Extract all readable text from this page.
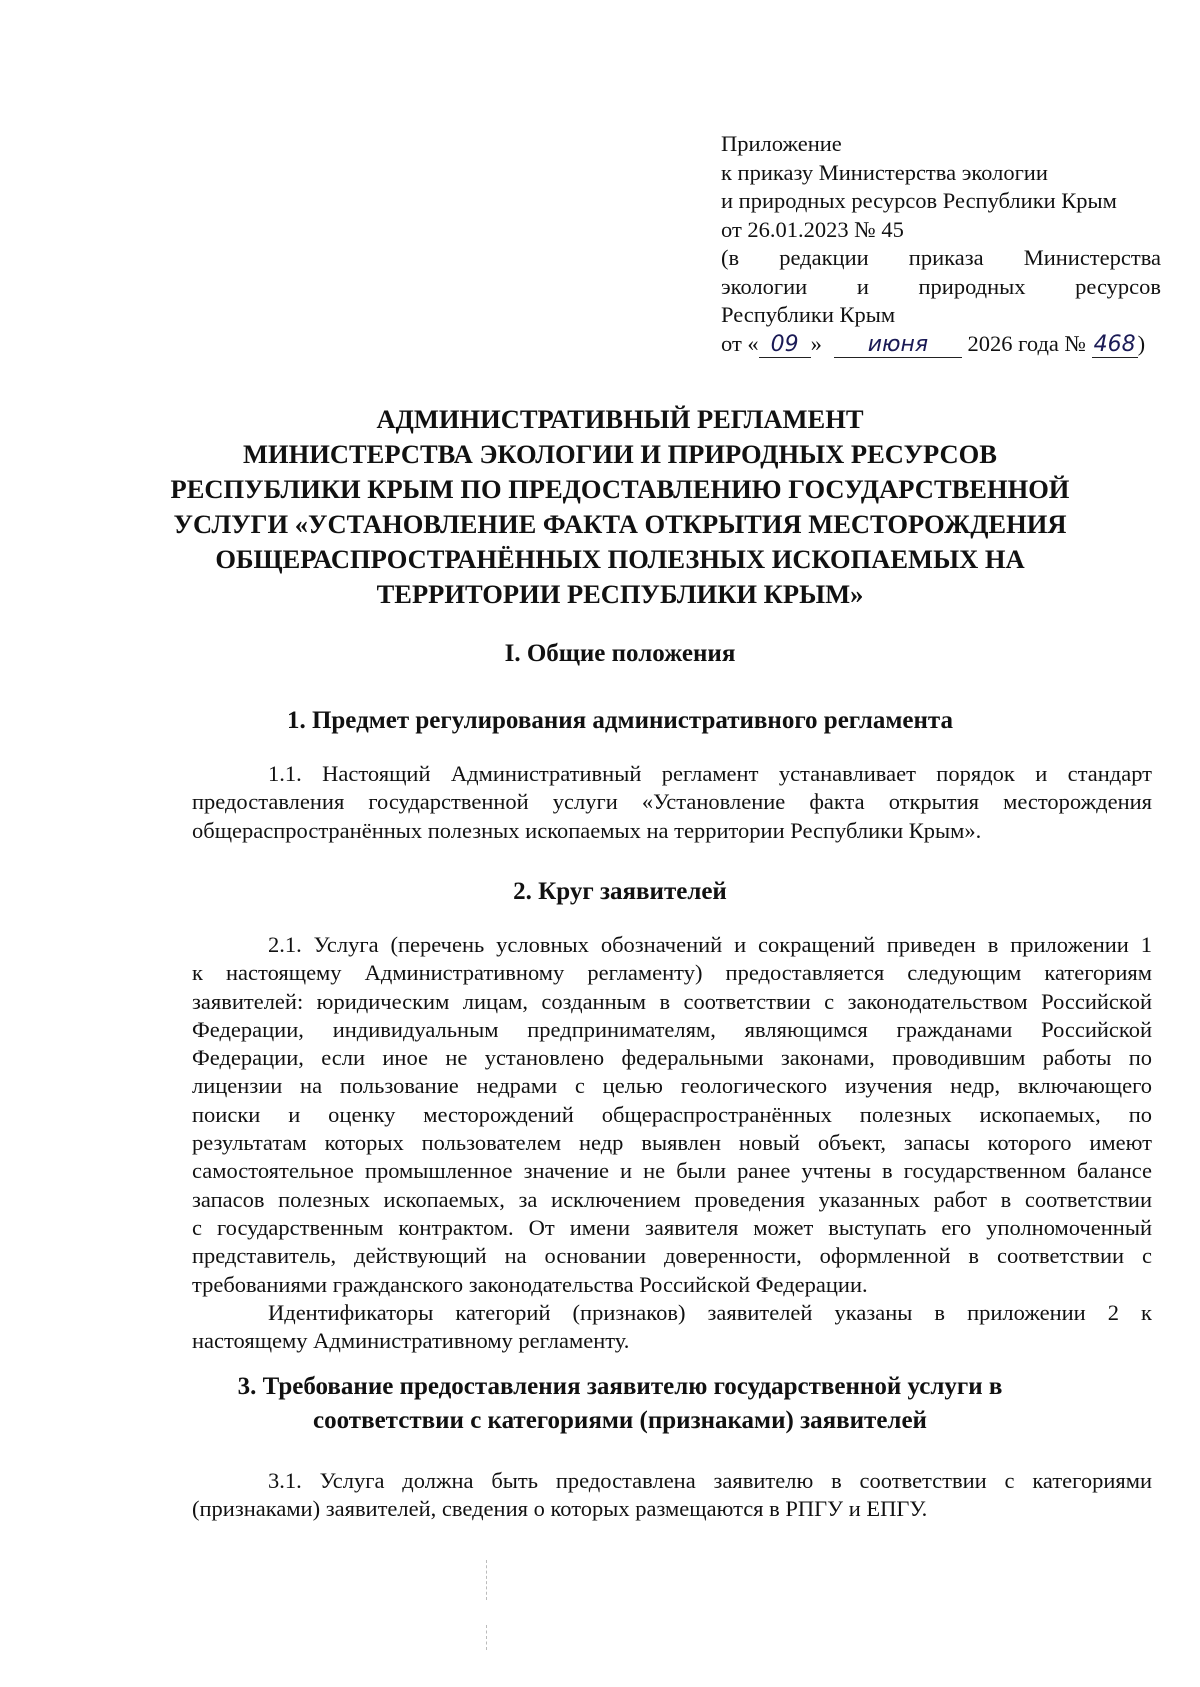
Приложение
к приказу Министерства экологии
и природных ресурсов Республики Крым
от 26.01.2023 № 45
(в редакции приказа Министерства
экологии и природных ресурсов
Республики Крым
от « 09 » июня 2026 года № 468)
АДМИНИСТРАТИВНЫЙ РЕГЛАМЕНТ
МИНИСТЕРСТВА ЭКОЛОГИИ И ПРИРОДНЫХ РЕСУРСОВ
РЕСПУБЛИКИ КРЫМ ПО ПРЕДОСТАВЛЕНИЮ ГОСУДАРСТВЕННОЙ
УСЛУГИ «УСТАНОВЛЕНИЕ ФАКТА ОТКРЫТИЯ МЕСТОРОЖДЕНИЯ
ОБЩЕРАСПРОСТРАНЁННЫХ ПОЛЕЗНЫХ ИСКОПАЕМЫХ НА
ТЕРРИТОРИИ РЕСПУБЛИКИ КРЫМ»
I. Общие положения
1. Предмет регулирования административного регламента
1.1. Настоящий Административный регламент устанавливает порядок и стандарт
предоставления государственной услуги «Установление факта открытия месторождения
общераспространённых полезных ископаемых на территории Республики Крым».
2. Круг заявителей
2.1. Услуга (перечень условных обозначений и сокращений приведен в приложении 1
к настоящему Административному регламенту) предоставляется следующим категориям
заявителей: юридическим лицам, созданным в соответствии с законодательством Российской
Федерации, индивидуальным предпринимателям, являющимся гражданами Российской
Федерации, если иное не установлено федеральными законами, проводившим работы по
лицензии на пользование недрами с целью геологического изучения недр, включающего
поиски и оценку месторождений общераспространённых полезных ископаемых, по
результатам которых пользователем недр выявлен новый объект, запасы которого имеют
самостоятельное промышленное значение и не были ранее учтены в государственном балансе
запасов полезных ископаемых, за исключением проведения указанных работ в соответствии
с государственным контрактом. От имени заявителя может выступать его уполномоченный
представитель, действующий на основании доверенности, оформленной в соответствии с
требованиями гражданского законодательства Российской Федерации.
Идентификаторы категорий (признаков) заявителей указаны в приложении 2 к
настоящему Административному регламенту.
3. Требование предоставления заявителю государственной услуги в
соответствии с категориями (признаками) заявителей
3.1. Услуга должна быть предоставлена заявителю в соответствии с категориями
(признаками) заявителей, сведения о которых размещаются в РПГУ и ЕПГУ.
